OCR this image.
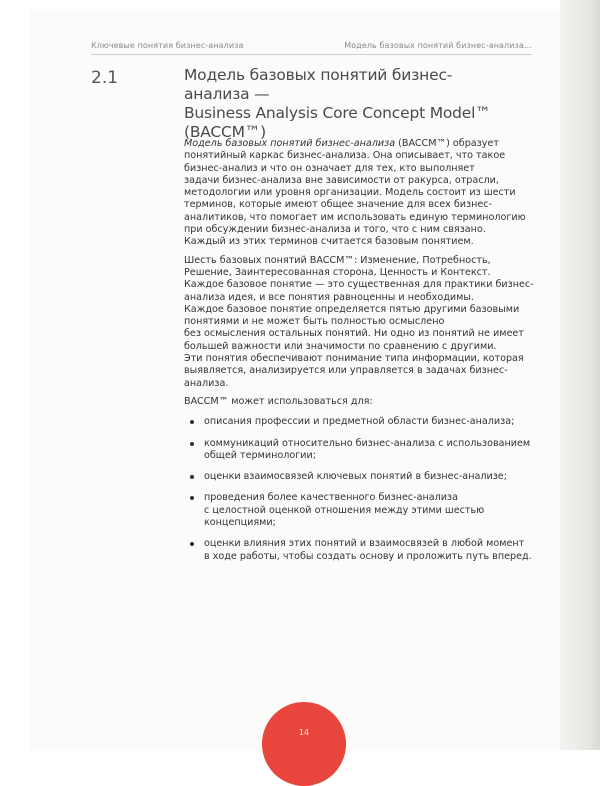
Ключевые понятия бизнес-анализа	Модель базовых понятий бизнес-анализа…
2.1	Модель базовых понятий бизнес-анализа —
Business Analysis Core Concept Model™
(BACCM™)

Модель базовых понятий бизнес-анализа (BACCM™) образует
понятийный каркас бизнес-анализа. Она описывает, что такое
бизнес-анализ и что он означает для тех, кто выполняет
задачи бизнес-анализа вне зависимости от ракурса, отрасли,
методологии или уровня организации. Модель состоит из шести
терминов, которые имеют общее значение для всех бизнес-
аналитиков, что помогает им использовать единую терминологию
при обсуждении бизнес-анализа и того, что с ним связано.
Каждый из этих терминов считается базовым понятием.

Шесть базовых понятий BACCM™: Изменение, Потребность,
Решение, Заинтересованная сторона, Ценность и Контекст.
Каждое базовое понятие — это существенная для практики бизнес-
анализа идея, и все понятия равноценны и необходимы.
Каждое базовое понятие определяется пятью другими базовыми
понятиями и не может быть полностью осмыслено
без осмысления остальных понятий. Ни одно из понятий не имеет
большей важности или значимости по сравнению с другими.
Эти понятия обеспечивают понимание типа информации, которая
выявляется, анализируется или управляется в задачах бизнес-
анализа.

BACCM™ может использоваться для:

описания профессии и предметной области бизнес-анализа;
коммуникаций относительно бизнес-анализа с использованием
общей терминологии;
оценки взаимосвязей ключевых понятий в бизнес-анализе;
проведения более качественного бизнес-анализа
с целостной оценкой отношения между этими шестью
концепциями;
оценки влияния этих понятий и взаимосвязей в любой момент
в ходе работы, чтобы создать основу и проложить путь вперед.
14
